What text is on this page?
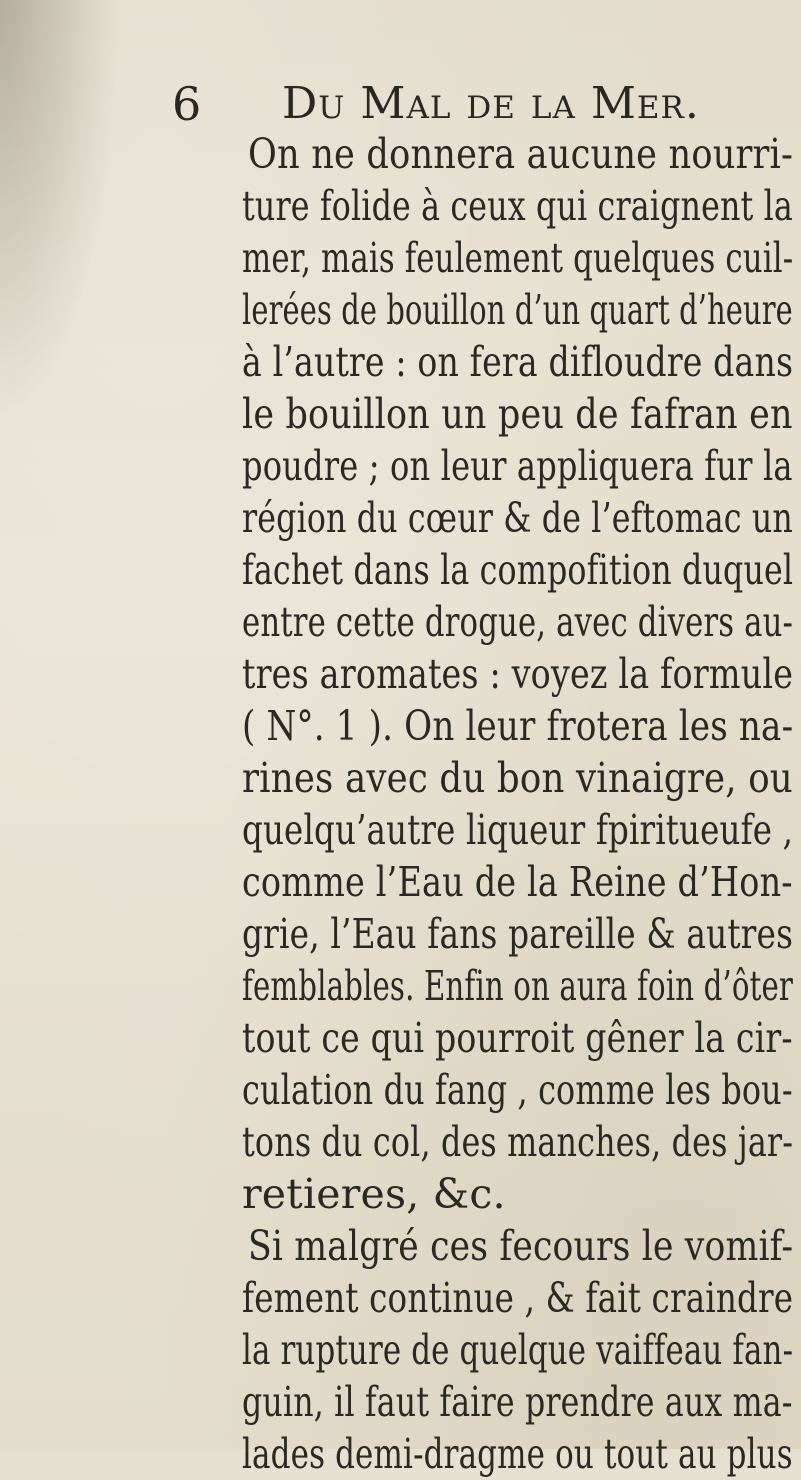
6 Du Mal de la Mer.
On ne donnera aucune nourri-
ture folide à ceux qui craignent la
mer, mais feulement quelques cuil-
lerées de bouillon d’un quart d’heure
à l’autre : on fera difloudre dans
le bouillon un peu de fafran en
poudre ; on leur appliquera fur la
région du cœur & de l’eftomac un
fachet dans la compofition duquel
entre cette drogue, avec divers au-
tres aromates : voyez la formule
( N°. 1 ). On leur frotera les na-
rines avec du bon vinaigre, ou
quelqu’autre liqueur fpiritueufe ,
comme l’Eau de la Reine d’Hon-
grie, l’Eau fans pareille & autres
femblables. Enfin on aura foin d’ôter
tout ce qui pourroit gêner la cir-
culation du fang , comme les bou-
tons du col, des manches, des jar-
retieres, &c.
Si malgré ces fecours le vomif-
fement continue , & fait craindre
la rupture de quelque vaiffeau fan-
guin, il faut faire prendre aux ma-
lades demi-dragme ou tout au plus
